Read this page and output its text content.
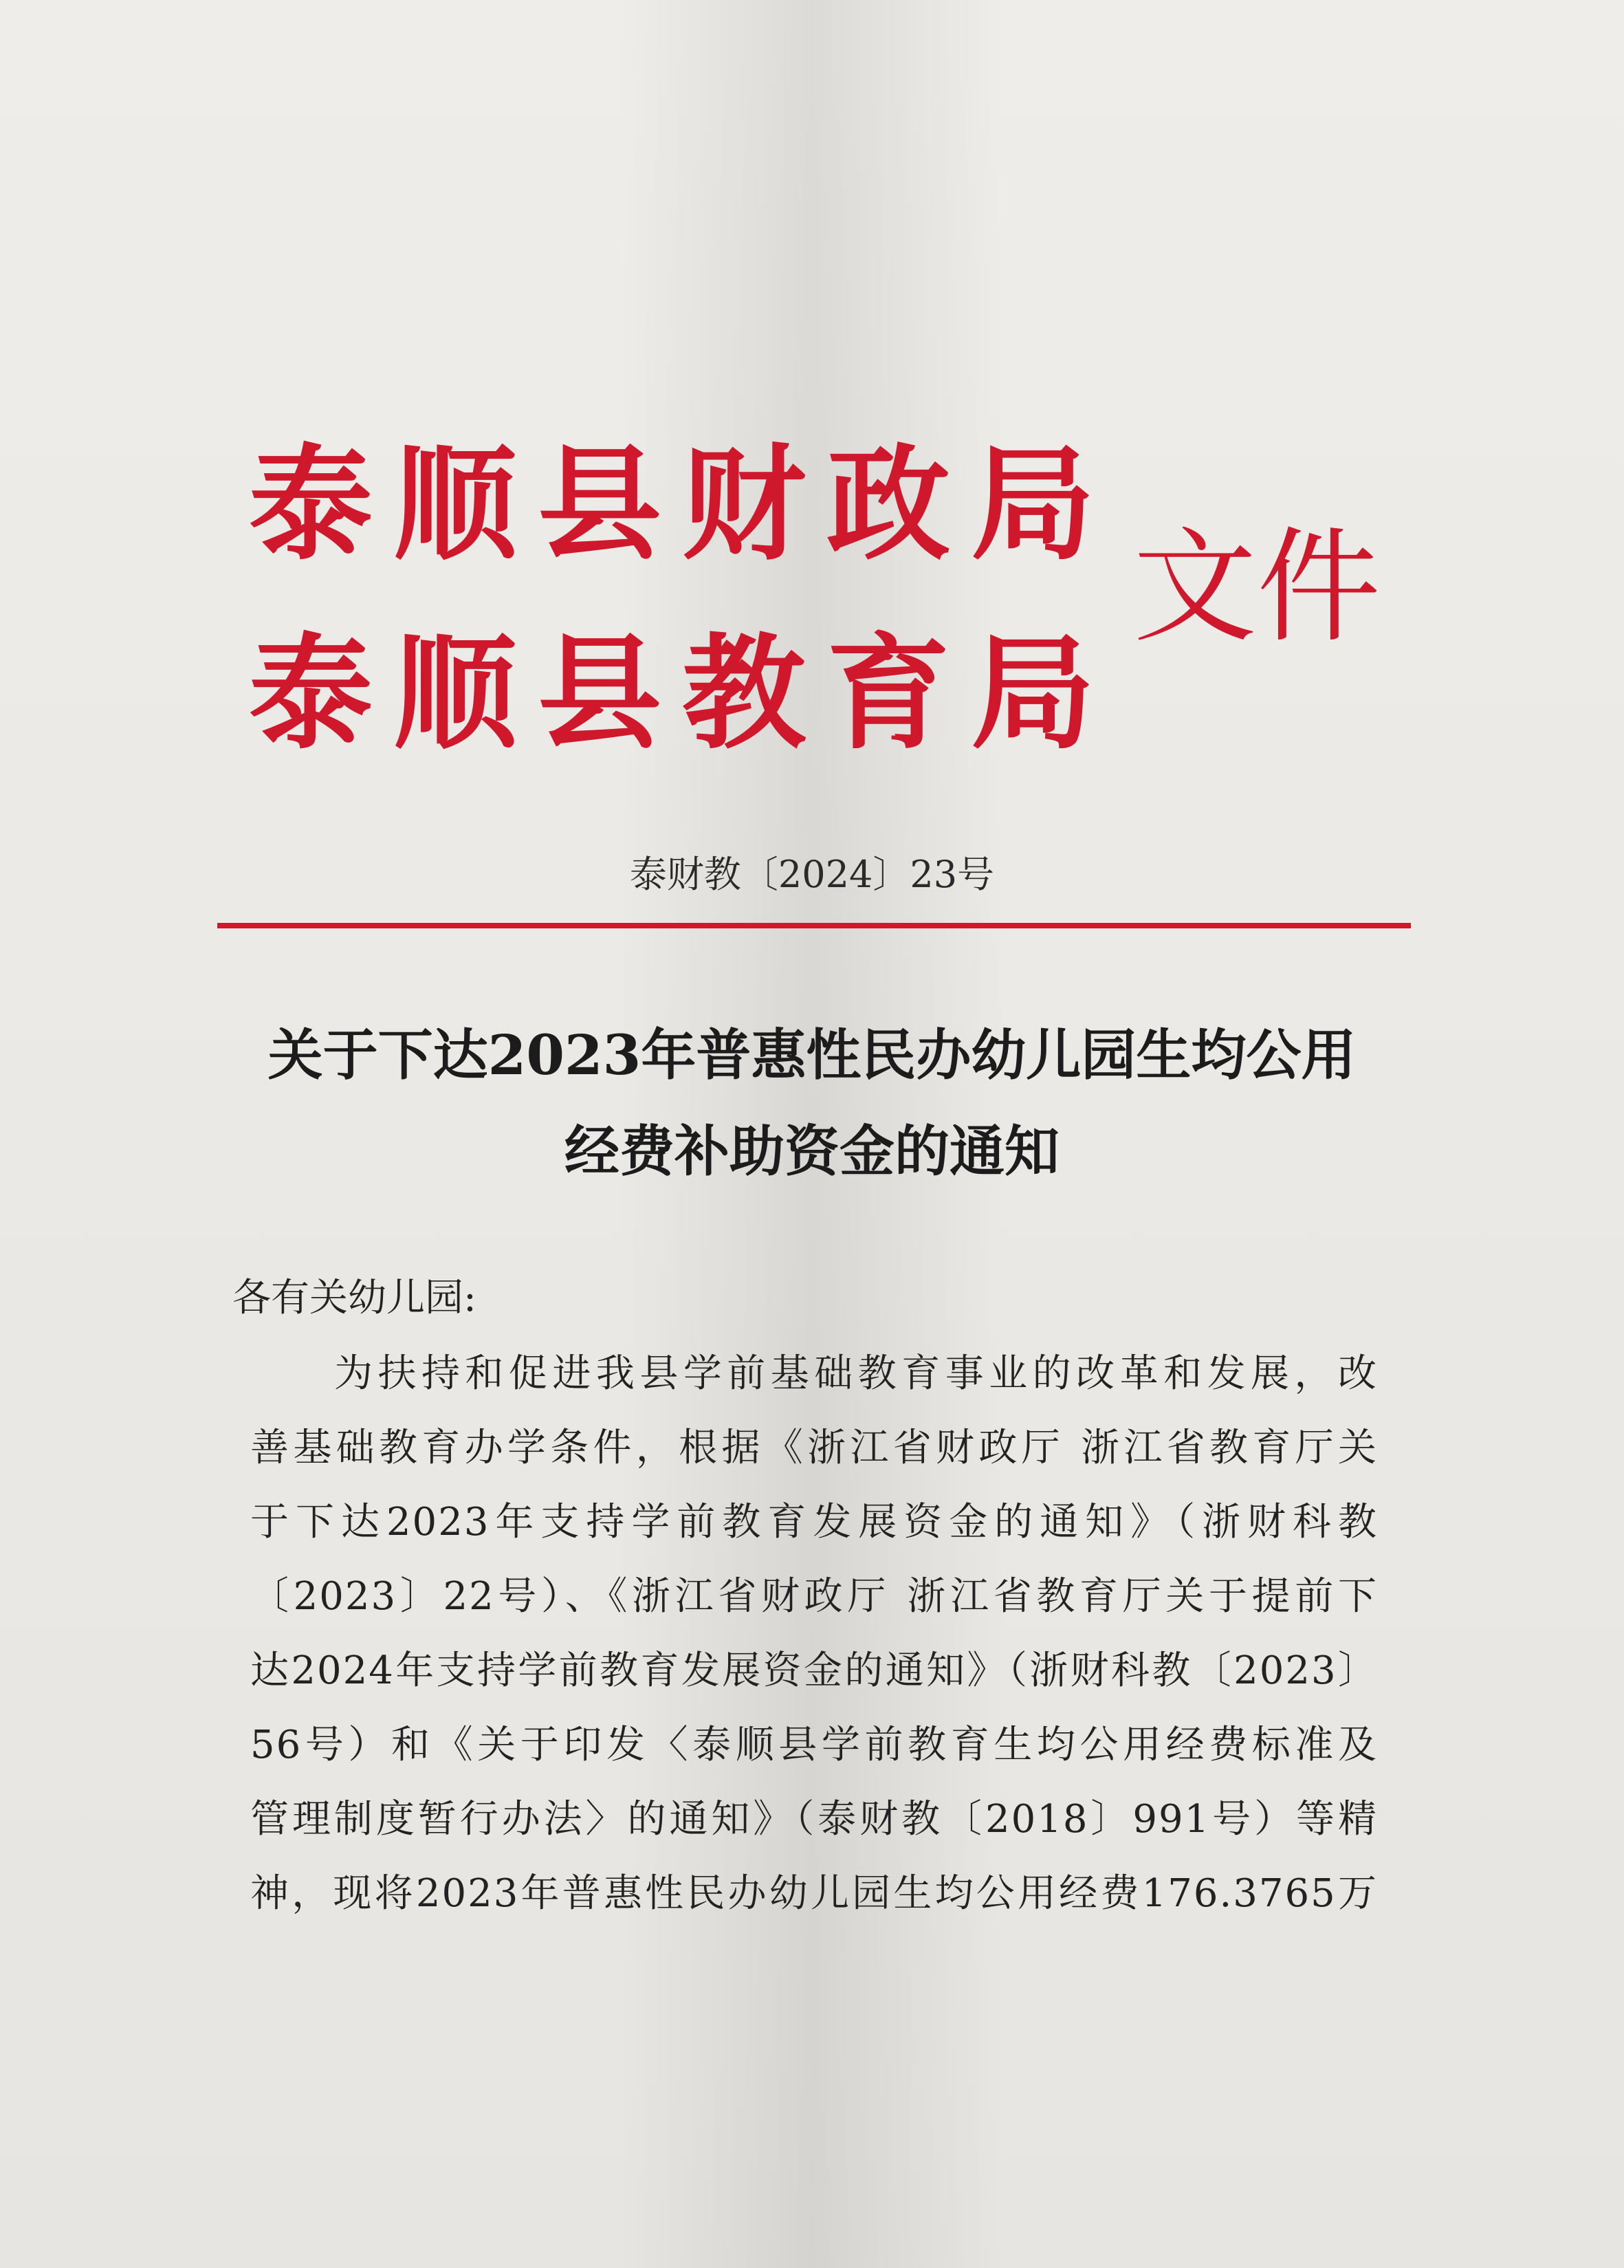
泰 顺 县 财 政 局
泰 顺 县 教 育 局
文件
泰财教〔2024〕23号
关于下达2023年普惠性民办幼儿园生均公用
经费补助资金的通知
各有关幼儿园:
为扶持和促进我县学前基础教育事业的改革和发展，改
善基础教育办学条件，根据《浙江省财政厅 浙江省教育厅关
于下达2023年支持学前教育发展资金的通知》（浙财科教
〔2023〕22号）、《浙江省财政厅 浙江省教育厅关于提前下
达2024年支持学前教育发展资金的通知》（浙财科教〔2023〕
56号）和《关于印发〈泰顺县学前教育生均公用经费标准及
管理制度暂行办法〉的通知》（泰财教〔2018〕991号）等精
神，现将2023年普惠性民办幼儿园生均公用经费176.3765万
